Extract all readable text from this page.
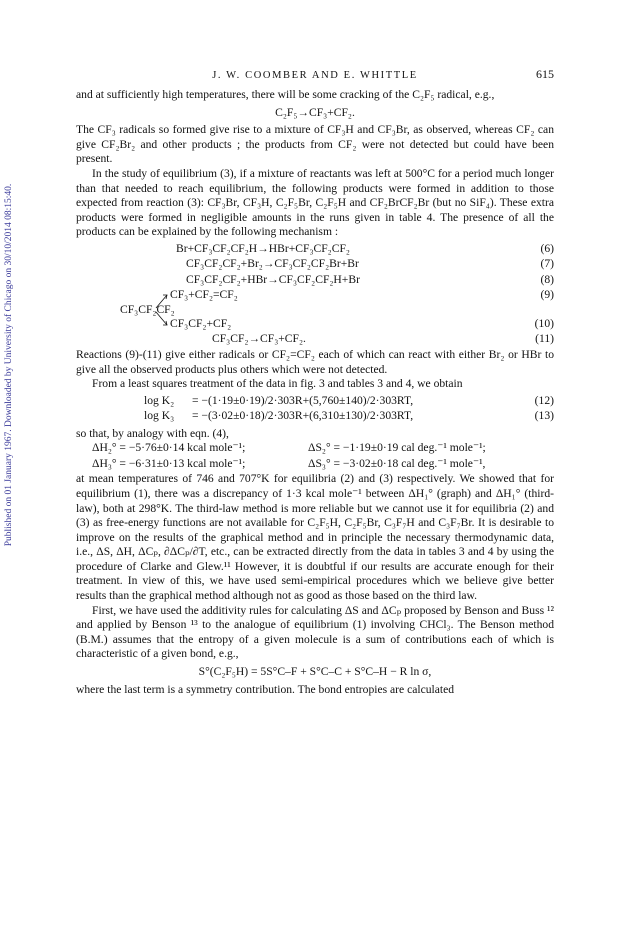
Published on 01 January 1967. Downloaded by University of Chicago on 30/10/2014 08:15:40.
J. W. COOMBER AND E. WHITTLE	615

and at sufficiently high temperatures, there will be some cracking of the C₂F₅ radical, e.g.,

C₂F₅→CF₃+CF₂.

The CF₃ radicals so formed give rise to a mixture of CF₃H and CF₃Br, as observed, whereas CF₂ can give CF₂Br₂ and other products ; the products from CF₂ were not detected but could have been present.

In the study of equilibrium (3), if a mixture of reactants was left at 500°C for a period much longer than that needed to reach equilibrium, the following products were formed in addition to those expected from reaction (3): CF₃Br, CF₃H, C₂F₅Br, C₂F₅H and CF₂BrCF₂Br (but no SiF₄). These extra products were formed in negligible amounts in the runs given in table 4. The presence of all the products can be explained by the following mechanism :

Br+CF₃CF₂CF₂H→HBr+CF₃CF₂CF₂	(6)
CF₃CF₂CF₂+Br₂→CF₃CF₂CF₂Br+Br	(7)
CF₃CF₂CF₂+HBr→CF₃CF₂CF₂H+Br	(8)
CF₃CF₂CF₂
CF₃+CF₂=CF₂	(9)
CF₃CF₂+CF₂	(10)
CF₃CF₂→CF₃+CF₂.	(11)

Reactions (9)-(11) give either radicals or CF₂=CF₂ each of which can react with either Br₂ or HBr to give all the observed products plus others which were not detected.

From a least squares treatment of the data in fig. 3 and tables 3 and 4, we obtain

log K₂ = −(1·19±0·19)/2·303R+(5,760±140)/2·303RT,	(12)
log K₃ = −(3·02±0·18)/2·303R+(6,310±130)/2·303RT,	(13)

so that, by analogy with eqn. (4),

ΔH₂° = −5·76±0·14 kcal mole⁻¹;	ΔS₂° = −1·19±0·19 cal deg.⁻¹ mole⁻¹;
ΔH₃° = −6·31±0·13 kcal mole⁻¹;	ΔS₃° = −3·02±0·18 cal deg.⁻¹ mole⁻¹,

at mean temperatures of 746 and 707°K for equilibria (2) and (3) respectively. We showed that for equilibrium (1), there was a discrepancy of 1·3 kcal mole⁻¹ between ΔH₁° (graph) and ΔH₁° (third-law), both at 298°K. The third-law method is more reliable but we cannot use it for equilibria (2) and (3) as free-energy functions are not available for C₂F₅H, C₂F₅Br, C₃F₇H and C₃F₇Br. It is desirable to improve on the results of the graphical method and in principle the necessary thermodynamic data, i.e., ΔS, ΔH, ΔCₚ, ∂ΔCₚ/∂T, etc., can be extracted directly from the data in tables 3 and 4 by using the procedure of Clarke and Glew.¹¹ However, it is doubtful if our results are accurate enough for their treatment. In view of this, we have used semi-empirical procedures which we believe give better results than the graphical method although not as good as those based on the third law.

First, we have used the additivity rules for calculating ΔS and ΔCₚ proposed by Benson and Buss ¹² and applied by Benson ¹³ to the analogue of equilibrium (1) involving CHCl₃. The Benson method (B.M.) assumes that the entropy of a given molecule is a sum of contributions each of which is characteristic of a given bond, e.g.,

S°(C₂F₅H) = 5S°C–F + S°C–C + S°C–H − R ln σ,

where the last term is a symmetry contribution. The bond entropies are calculated
